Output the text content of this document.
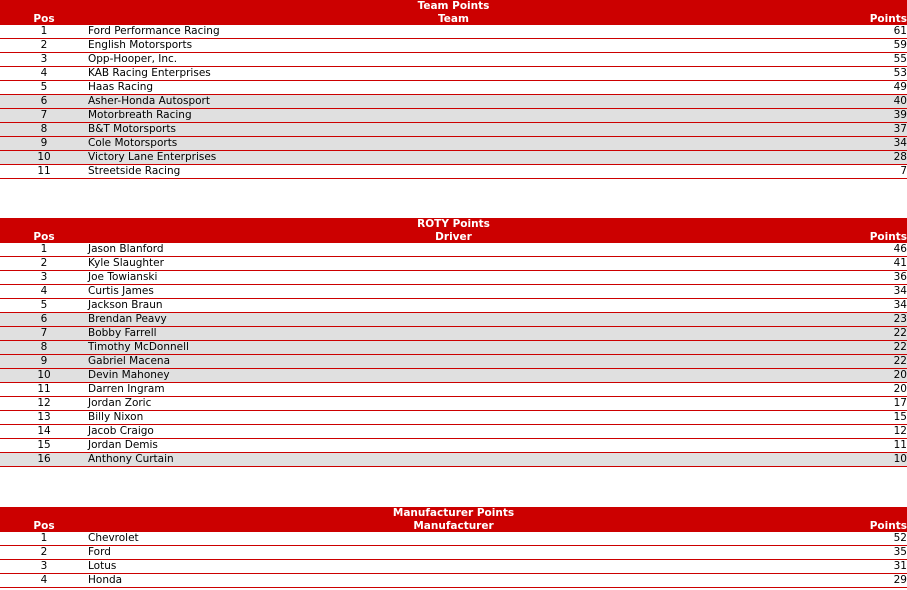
Team Points
Pos	Team	Points
1	Ford Performance Racing	61
2	English Motorsports	59
3	Opp-Hooper, Inc.	55
4	KAB Racing Enterprises	53
5	Haas Racing	49
6	Asher-Honda Autosport	40
7	Motorbreath Racing	39
8	B&T Motorsports	37
9	Cole Motorsports	34
10	Victory Lane Enterprises	28
11	Streetside Racing	7
ROTY Points
Pos	Driver	Points
1	Jason Blanford	46
2	Kyle Slaughter	41
3	Joe Towianski	36
4	Curtis James	34
5	Jackson Braun	34
6	Brendan Peavy	23
7	Bobby Farrell	22
8	Timothy McDonnell	22
9	Gabriel Macena	22
10	Devin Mahoney	20
11	Darren Ingram	20
12	Jordan Zoric	17
13	Billy Nixon	15
14	Jacob Craigo	12
15	Jordan Demis	11
16	Anthony Curtain	10
Manufacturer Points
Pos	Manufacturer	Points
1	Chevrolet	52
2	Ford	35
3	Lotus	31
4	Honda	29
